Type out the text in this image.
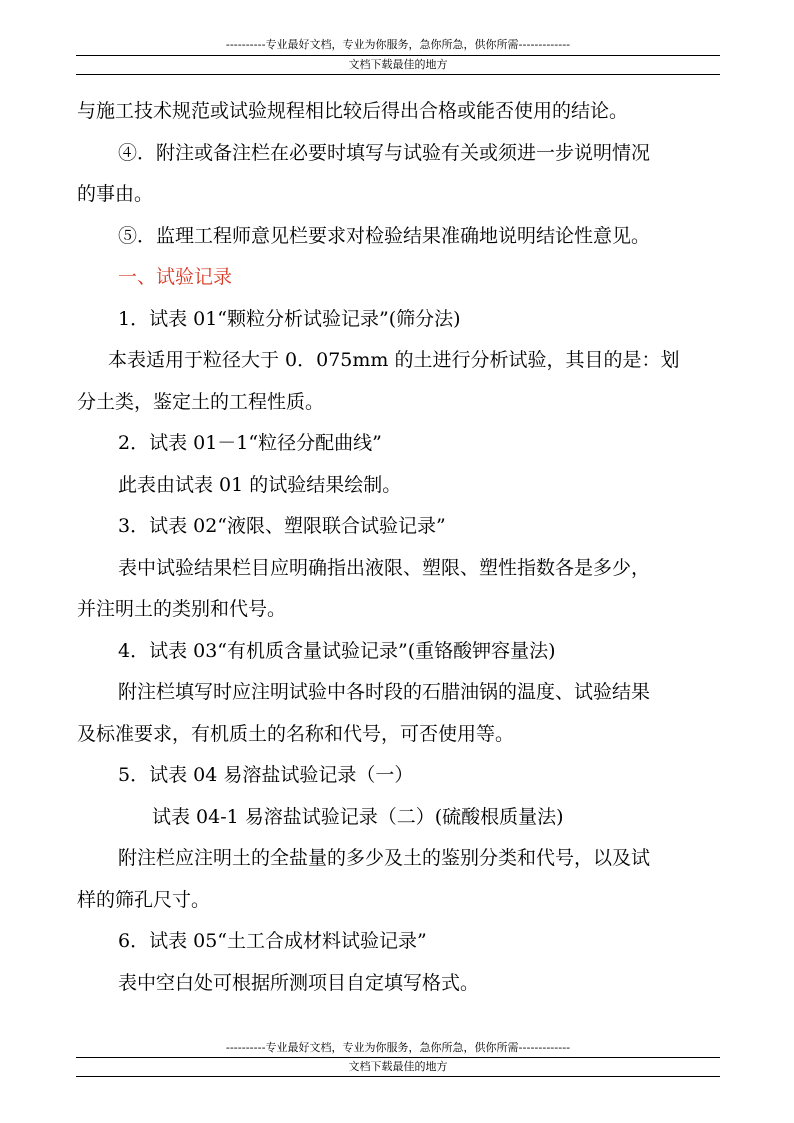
----------专业最好文档，专业为你服务，急你所急，供你所需-------------
文档下载最佳的地方
与施工技术规范或试验规程相比较后得出合格或能否使用的结论。
④．附注或备注栏在必要时填写与试验有关或须进一步说明情况
的事由。
⑤．监理工程师意见栏要求对检验结果准确地说明结论性意见。
一、试验记录
1．试表 01“颗粒分析试验记录”(筛分法)
本表适用于粒径大于 0．075mm 的土进行分析试验，其目的是：划
分土类，鉴定土的工程性质。
2．试表 01－1“粒径分配曲线”
此表由试表 01 的试验结果绘制。
3．试表 02“液限、塑限联合试验记录”
表中试验结果栏目应明确指出液限、塑限、塑性指数各是多少，
并注明土的类别和代号。
4．试表 03“有机质含量试验记录”(重铬酸钾容量法)
附注栏填写时应注明试验中各时段的石腊油锅的温度、试验结果
及标准要求，有机质土的名称和代号，可否使用等。
5．试表 04 易溶盐试验记录（一）
试表 04-1 易溶盐试验记录（二）(硫酸根质量法)
附注栏应注明土的全盐量的多少及土的鉴别分类和代号，以及试
样的筛孔尺寸。
6．试表 05“土工合成材料试验记录”
表中空白处可根据所测项目自定填写格式。
----------专业最好文档，专业为你服务，急你所急，供你所需-------------
文档下载最佳的地方
